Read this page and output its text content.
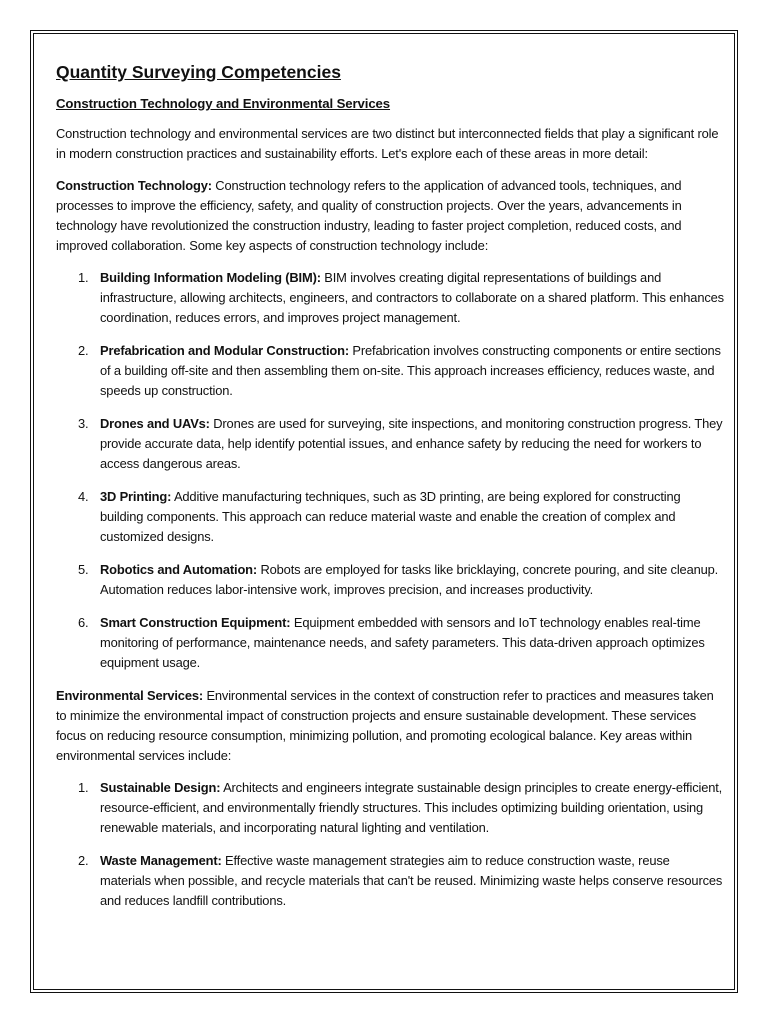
Quantity Surveying Competencies
Construction Technology and Environmental Services

Construction technology and environmental services are two distinct but interconnected fields that play a significant role in modern construction practices and sustainability efforts. Let's explore each of these areas in more detail:

Construction Technology: Construction technology refers to the application of advanced tools, techniques, and processes to improve the efficiency, safety, and quality of construction projects. Over the years, advancements in technology have revolutionized the construction industry, leading to faster project completion, reduced costs, and improved collaboration. Some key aspects of construction technology include:

1. Building Information Modeling (BIM): BIM involves creating digital representations of buildings and infrastructure, allowing architects, engineers, and contractors to collaborate on a shared platform. This enhances coordination, reduces errors, and improves project management.
2. Prefabrication and Modular Construction: Prefabrication involves constructing components or entire sections of a building off-site and then assembling them on-site. This approach increases efficiency, reduces waste, and speeds up construction.
3. Drones and UAVs: Drones are used for surveying, site inspections, and monitoring construction progress. They provide accurate data, help identify potential issues, and enhance safety by reducing the need for workers to access dangerous areas.
4. 3D Printing: Additive manufacturing techniques, such as 3D printing, are being explored for constructing building components. This approach can reduce material waste and enable the creation of complex and customized designs.
5. Robotics and Automation: Robots are employed for tasks like bricklaying, concrete pouring, and site cleanup. Automation reduces labor-intensive work, improves precision, and increases productivity.
6. Smart Construction Equipment: Equipment embedded with sensors and IoT technology enables real-time monitoring of performance, maintenance needs, and safety parameters. This data-driven approach optimizes equipment usage.

Environmental Services: Environmental services in the context of construction refer to practices and measures taken to minimize the environmental impact of construction projects and ensure sustainable development. These services focus on reducing resource consumption, minimizing pollution, and promoting ecological balance. Key areas within environmental services include:

1. Sustainable Design: Architects and engineers integrate sustainable design principles to create energy-efficient, resource-efficient, and environmentally friendly structures. This includes optimizing building orientation, using renewable materials, and incorporating natural lighting and ventilation.
2. Waste Management: Effective waste management strategies aim to reduce construction waste, reuse materials when possible, and recycle materials that can't be reused. Minimizing waste helps conserve resources and reduces landfill contributions.
